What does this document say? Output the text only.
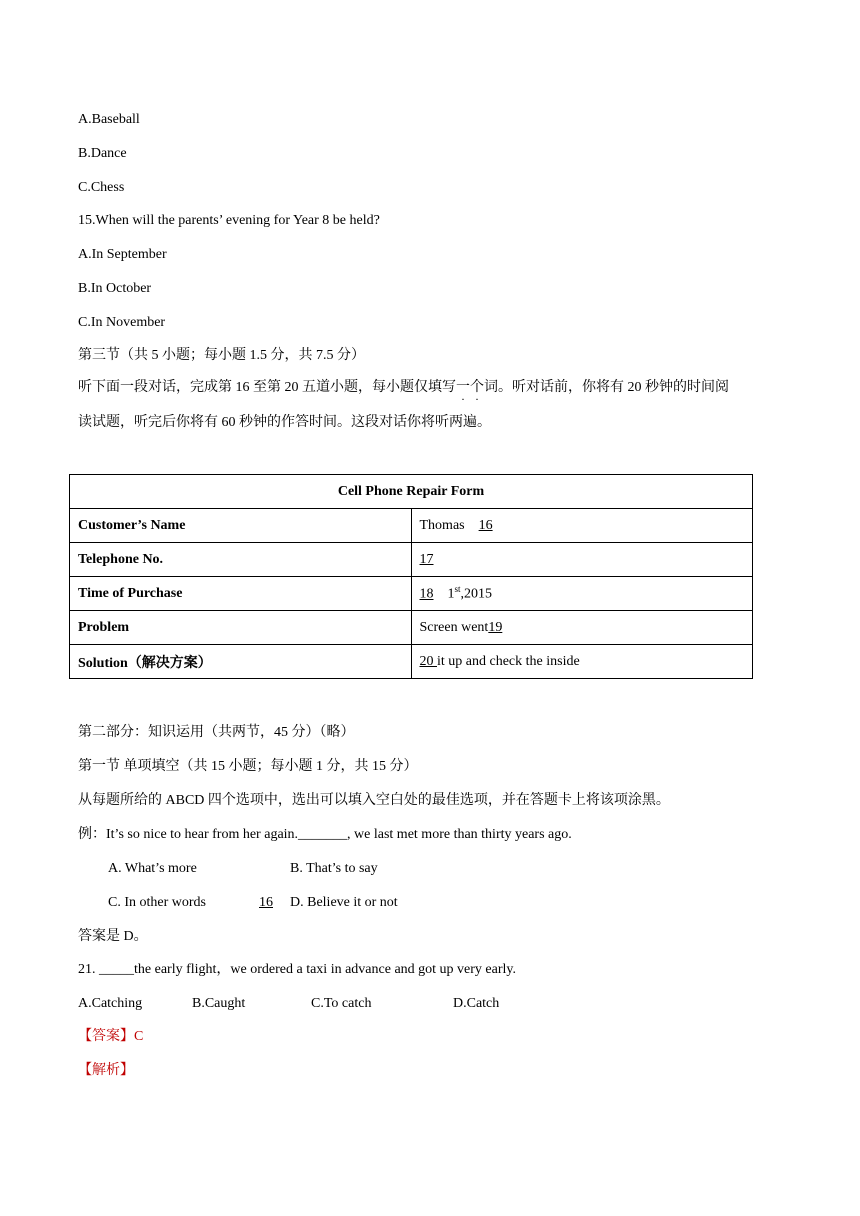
A.Baseball
B.Dance
C.Chess
15.When will the parents’ evening for Year 8 be held?
A.In September
B.In October
C.In November
第三节（共 5 小题；每小题 1.5 分，共 7.5 分）
听下面一段对话，完成第 16 至第 20 五道小题，每小题仅填写一个词。听对话前，你将有 20 秒钟的时间阅
读试题，听完后你将有 60 秒钟的作答时间。这段对话你将听两遍。
Cell Phone Repair Form	
Customer’s Name	Thomas 16
Telephone No.	17
Time of Purchase	18 1st,2015
Problem	Screen went19
Solution（解决方案）	20 it up and check the inside
第二部分：知识运用（共两节，45 分）（略）
第一节 单项填空（共 15 小题；每小题 1 分，共 15 分）
从每题所给的 ABCD 四个选项中，选出可以填入空白处的最佳选项，并在答题卡上将该项涂黑。
例：It’s so nice to hear from her again._______, we last met more than thirty years ago.
A. What’s more	B. That’s to say
C. In other words	16 D. Believe it or not
答案是 D。
21. _____the early flight，we ordered a taxi in advance and got up very early.
A.Catching	B.Caught	C.To catch	D.Catch
【答案】C
【解析】
